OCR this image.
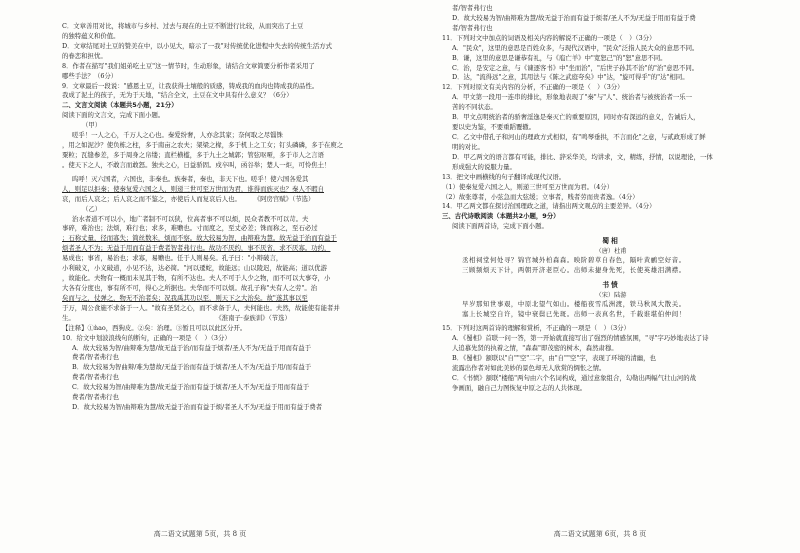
C．文章善用对比，将城市与乡村、过去与现在的土豆不断进行比较，从而突出了土豆
的独特蕴义和价值。
D．文章结尾对土豆的赞美在中，以小见大，暗示了一我"对传统优化进程中失去的传统生活方式
的眷恋和担忧。
8．作者在描写"我们姐弟吃土豆"这一情节时，生动形象，请结合文章简要分析作者采用了
哪些手法？（6分）
9．文章最后一段说："感恩土豆，让我获得土壤般的质感，铸成我的血肉也铸成我的品性。
我成了泥土的孩子，无为于天地，"结合全文，土豆在文中具有什么意义？（6分）
二、文言文阅读（本题共5小题，21分）
阅读下面的文言文，完成下面小题。
（甲）
嗟乎！一人之心，千万人之心也。秦爱纷奢，人亦念其家；奈何取之尽锱铢
，用之如泥沙？使负栋之柱，多于南亩之农夫；架梁之椽，多于机上之工女；钉头磷磷，多于在庾之
粟粒；瓦缝参差，多于周身之帛缕；直栏横槛，多于九土之城郭；管弦呕哑，多于市人之言语
。使天下之人，不敢言而敢怒。独夫之心，日益骄固。戍卒叫，函谷举；楚人一炬，可怜焦土！
呜呼！灭六国者，六国也，非秦也。族秦者，秦也，非天下也。嗟乎！使六国各爱其
人，则足以拒秦；使秦复爱六国之人，则递三世可至万世而为君，谁得而族灭也？秦人不暇自
哀，而后人哀之；后人哀之而不鉴之，亦使后人而复哀后人也。　　　《阿房宫赋》（节选）
（乙）
治水者道不可以小，地广者制不可以狭，位高者事不可以烦，民众者教不可以苛。夫
事碎，难治也；法烦，难行也；求多，难赡也。寸而度之，至丈必差；铢而称之，至石必过
；石称丈量，径而寡失；简丝数米，烦而不察。故大较易为智，曲辩难为慧。故无益于治而有益于
烦者圣人不为；无益于用而有益于费者智者弗行也。故功不厌约，事不厌省，求不厌寡。功约，
易成也；事省，易治也；求寡，易赡也。任于人则易矣。孔子曰："小辩破言，
小利破义，小义破道，小见不达，达必简。"河以逶蛇，故能远；山以陵迟，故能高；道以优游
，故能化。夫物有一概而未见其于物，有所不达也。夫人不可于人少之物，而不可以大事夺，小
大各有分度也，事有所不可，得心之所据也。夫华而不可以烦。故孔子称"夫有人之劳"。治
矣而与之，仗弹之，物无不治者矣；况我禹其功以至，则天下之大治矣。故"遂其事以至
于万，周公食施不求备于一人。"故有圣贤之心，而不求备于人，夫何能也。夫然，故能使有能者并
生。　　　　　　　　　　　　　　　　　　　　　　　《淮南子·泰族训》（节选）
【注释】①ǹao，西狗皮。②矣：治理。③暂且可以以此区分开。
10．给文中划波浪线句的断句，正确的一项是（　）（3分）
A．故大较易为智/曲辩难为慧/故无益于治/而有益于烦者/圣人不为/无益于用而有益于
费者/智者弗行也
B．故大较易为智曲辩/难为慧故/无益于治而有益于烦者/圣人不为/无益于用/而有益于
费者/智者弗行也
C．故大较易为智/曲辩难为慧/故无益于治而有益于烦者/圣人不为/无益于用而有益于
费者/智者弗行也
D．故大较易为智/曲辩难为慧/故无益于治而有益于烦/者圣人不为/无益于用而有益于费者
高二语文试题第 5页，共 8 页
者/智者弗行也
D．故大较易为智/曲辩难为慧/故无益于治而有益于烦者/圣人不为/无益于用而有益于费
者/智者弗行也
11．下列对文中加点的词语及相关内容的解说不正确的一项是（　）（3分）
A．"民众"，这里的意思是百姓众多，与现代汉语中，"民众"泛指人民大众的意思不同。
B．谦，这里的意思是谦恭有礼，与《庖亡羊》中"宽恕己"的"恕"意思不同。
C．治，是安定之意，与《谏逐客书》中"坐而治"，"后世子孙其不治"的"治"意思不同。
D．达，"流得远"之意，其用法与《陈之武庭夸矣》中"达，"旋可得乎"的"达"相同。
12．下列对原文有关内容的分析，不正确的一项是（　）（3分）
A．甲文第一段用一连串的排比，形象地表现了"秦"与"人"、统治者与被统治者一乐一
苦的不同状态。
B．甲文点明统治者的骄奢淫逸是秦灭亡的重要原因，同时亦有深远的意义，告诫后人，
要以史为鉴，不要重蹈覆辙。
C．乙文中借孔子和河山的理政方式相似，有"鸣琴垂拱，不言而化"之意，与贰政形成了鲜
明的对比。
D．甲乙两文的语言都有可能，排比、辞采华美，均讲求，文，精练，抒情，以说理论，一体
形成强大的说服力量。
13．把文中画横线的句子翻译成现代汉语。
（1）使秦复爱六国之人，则递三世可至万世而为君。（4分）
（2）故张尊者，小弦急而大弦缓；立事者，贱者劳而贵者逸。（4分）
14．甲乙两文都在探讨治国理政之道，请指出两文观点的主要差异。（4分）
三、古代诗歌阅读（本题共2小题，9分）
阅读下面两首诗，完成下面小题。
蜀相
（唐）杜甫
丞相祠堂何处寻？锦官城外柏森森。映阶碧草自春色，隔叶黄鹂空好音。
三顾频烦天下计，两朝开济老臣心。出师未捷身先死，长使英雄泪满襟。
书愤
（宋）陆游
早岁那知世事艰，中原北望气如山。楼船夜雪瓜洲渡，铁马秋风大散关。
塞上长城空自许，镜中衰鬓已先斑。出师一表真名世，千载谁堪伯仲间！
15．下列对这两首诗的理解和赏析，不正确的一项是（　）（3分）
A．《蜀相》首联一问一答，第一开始就直接写出了强烈的情感氛围，"寻"字巧妙地表达了诗
人追慕先贤的执着之情，"森森"即茂密的树木，森然肃穆。
B．《蜀相》颔联以"自""空"二字，由"自""空"字，表现了环境的清幽，也
流露出作者对如此美妙的景色却无人欣赏的惆怅之情。
C．《书愤》颔联"楼船"两句由六个名词构成，通过意象组合，勾勒出两幅气壮山河的战
争画面，融自己力图恢复中原之志的人共体现。
高二语文试题第 6页，共 8 页
